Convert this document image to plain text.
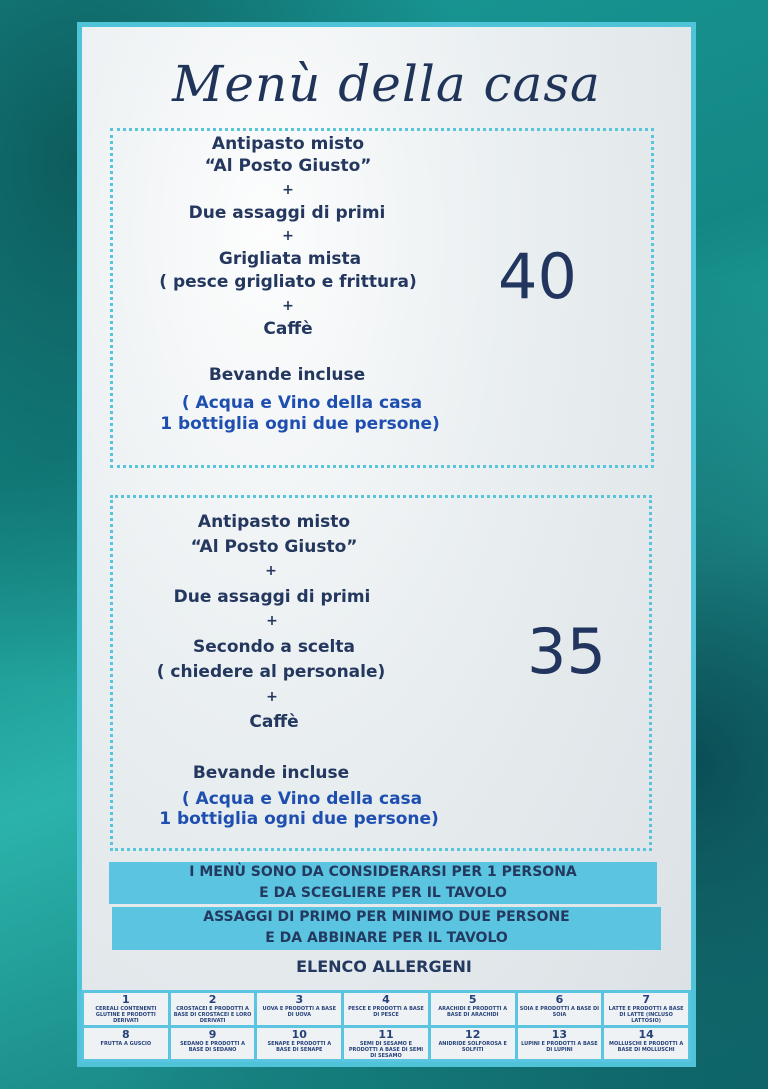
Menù della casa
Antipasto misto
“Al Posto Giusto”
+
Due assaggi di primi
+
Grigliata mista
( pesce grigliato e frittura)
+
Caffè
Bevande incluse
( Acqua e Vino della casa
1 bottiglia ogni due persone)
40
Antipasto misto
“Al Posto Giusto”
+
Due assaggi di primi
+
Secondo a scelta
( chiedere al personale)
+
Caffè
Bevande incluse
( Acqua e Vino della casa
1 bottiglia ogni due persone)
35
I MENÙ SONO DA CONSIDERARSI PER 1 PERSONA
E DA SCEGLIERE PER IL TAVOLO
ASSAGGI DI PRIMO PER MINIMO DUE PERSONE
E DA ABBINARE PER IL TAVOLO
ELENCO ALLERGENI
1
CEREALI CONTENENTI GLUTINE E PRODOTTI DERIVATI
2
CROSTACEI E PRODOTTI A BASE DI CROSTACEI E LORO DERIVATI
3
UOVA E PRODOTTI A BASE DI UOVA
4
PESCE E PRODOTTI A BASE DI PESCE
5
ARACHIDI E PRODOTTI A BASE DI ARACHIDI
6
SOIA E PRODOTTI A BASE DI SOIA
7
LATTE E PRODOTTI A BASE DI LATTE (INCLUSO LATTOSIO)
8
FRUTTA A GUSCIO
9
SEDANO E PRODOTTI A BASE DI SEDANO
10
SENAPE E PRODOTTI A BASE DI SENAPE
11
SEMI DI SESAMO E PRODOTTI A BASE DI SEMI DI SESAMO
12
ANIDRIDE SOLFOROSA E SOLFITI
13
LUPINI E PRODOTTI A BASE DI LUPINI
14
MOLLUSCHI E PRODOTTI A BASE DI MOLLUSCHI
